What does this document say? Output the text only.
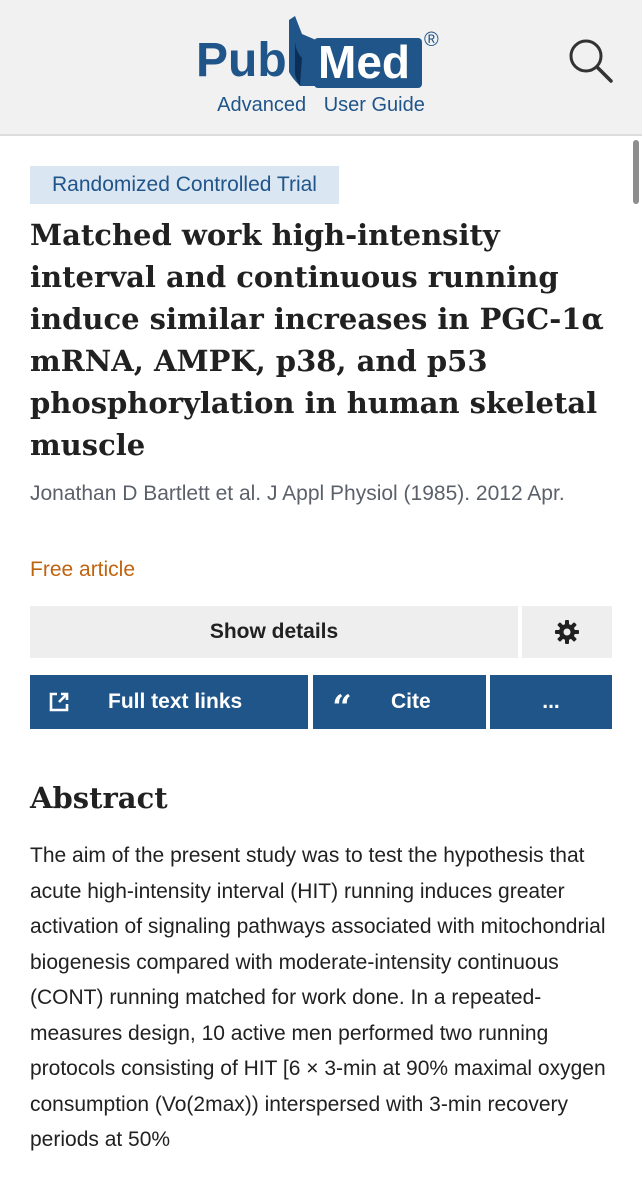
Pub Med ®
Advanced User Guide
Randomized Controlled Trial
Matched work high-intensity interval and continuous running induce similar increases in PGC-1α mRNA, AMPK, p38, and p53 phosphorylation in human skeletal muscle
Jonathan D Bartlett et al. J Appl Physiol (1985). 2012 Apr.
Free article
Show details
Full text links	“ Cite	...
Abstract

The aim of the present study was to test the hypothesis that acute high-intensity interval (HIT) running induces greater activation of signaling pathways associated with mitochondrial biogenesis compared with moderate-intensity continuous (CONT) running matched for work done. In a repeated-measures design, 10 active men performed two running protocols consisting of HIT [6 × 3-min at 90% maximal oxygen consumption (Vo(2max)) interspersed with 3-min recovery periods at 50%
